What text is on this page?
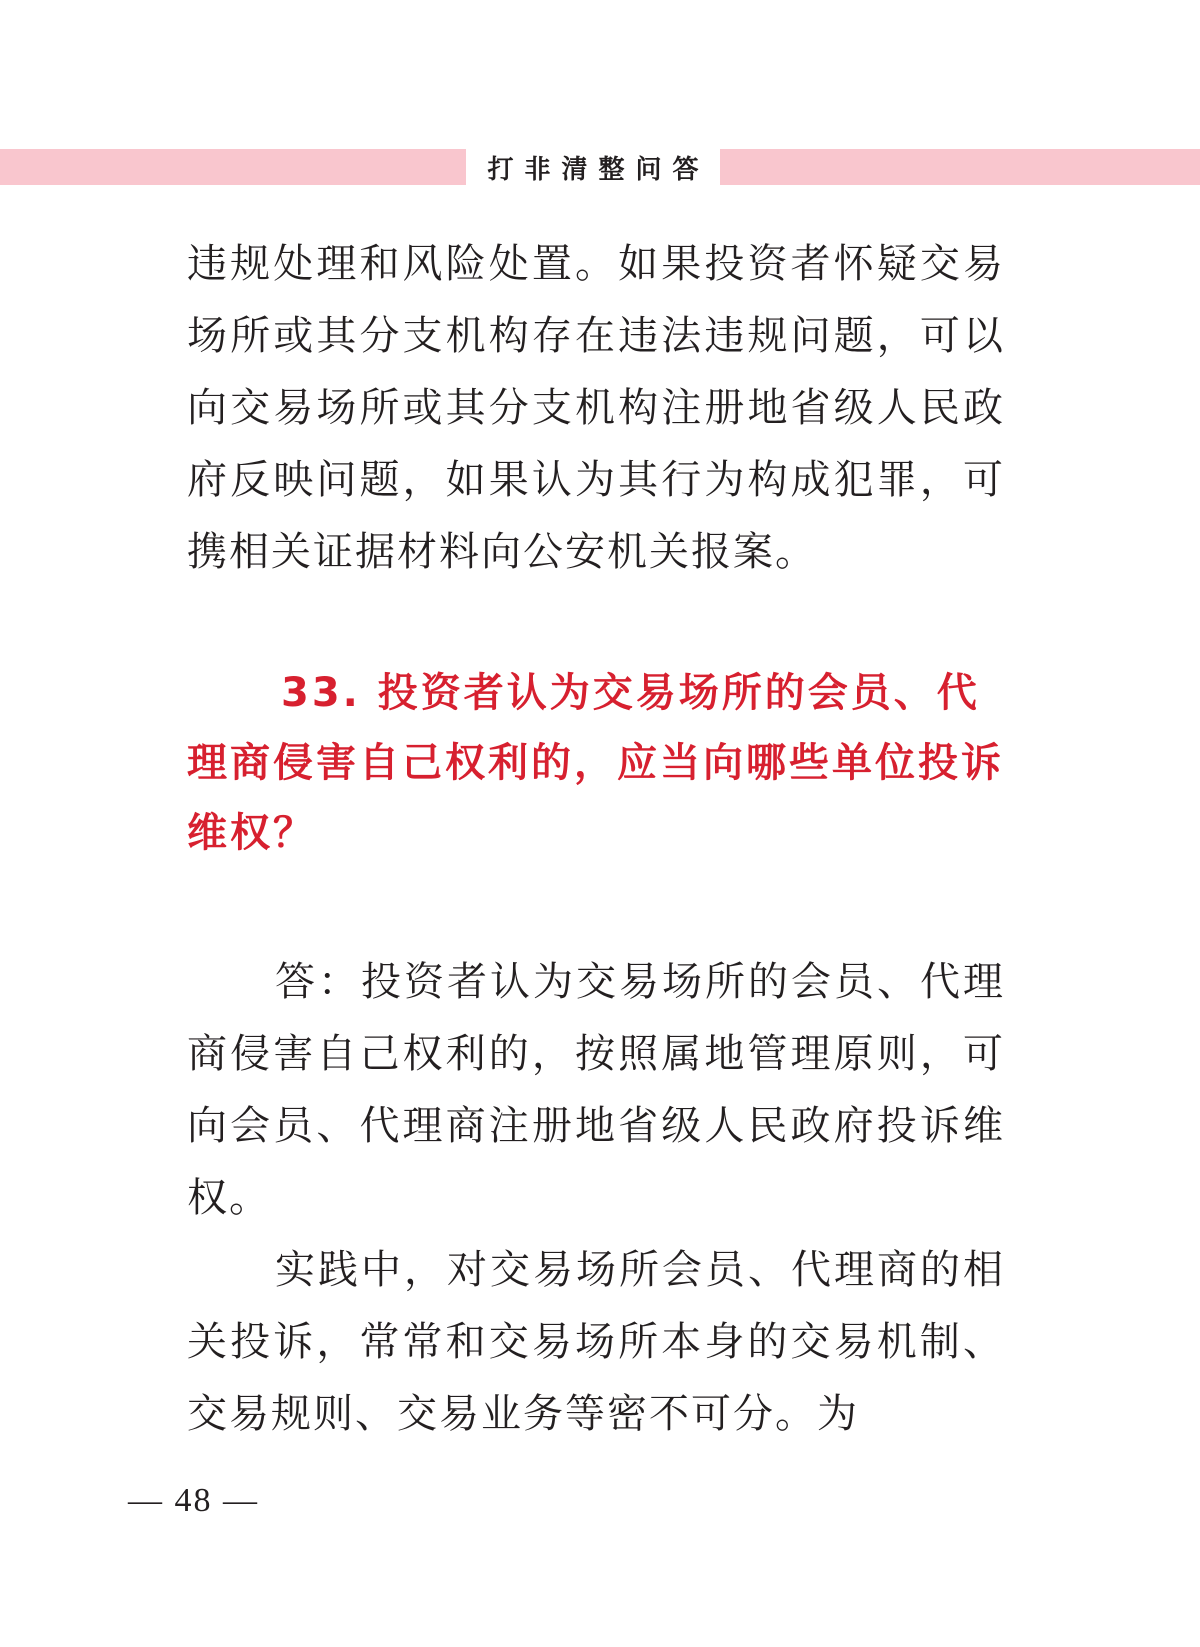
打非清整问答

违规处理和风险处置。如果投资者怀疑交易场所或其分支机构存在违法违规问题，可以向交易场所或其分支机构注册地省级人民政府反映问题，如果认为其行为构成犯罪，可携相关证据材料向公安机关报案。

33. 投资者认为交易场所的会员、代理商侵害自己权利的，应当向哪些单位投诉维权？

答：投资者认为交易场所的会员、代理商侵害自己权利的，按照属地管理原则，可向会员、代理商注册地省级人民政府投诉维权。

实践中，对交易场所会员、代理商的相关投诉，常常和交易场所本身的交易机制、交易规则、交易业务等密不可分。为

— 48 —
